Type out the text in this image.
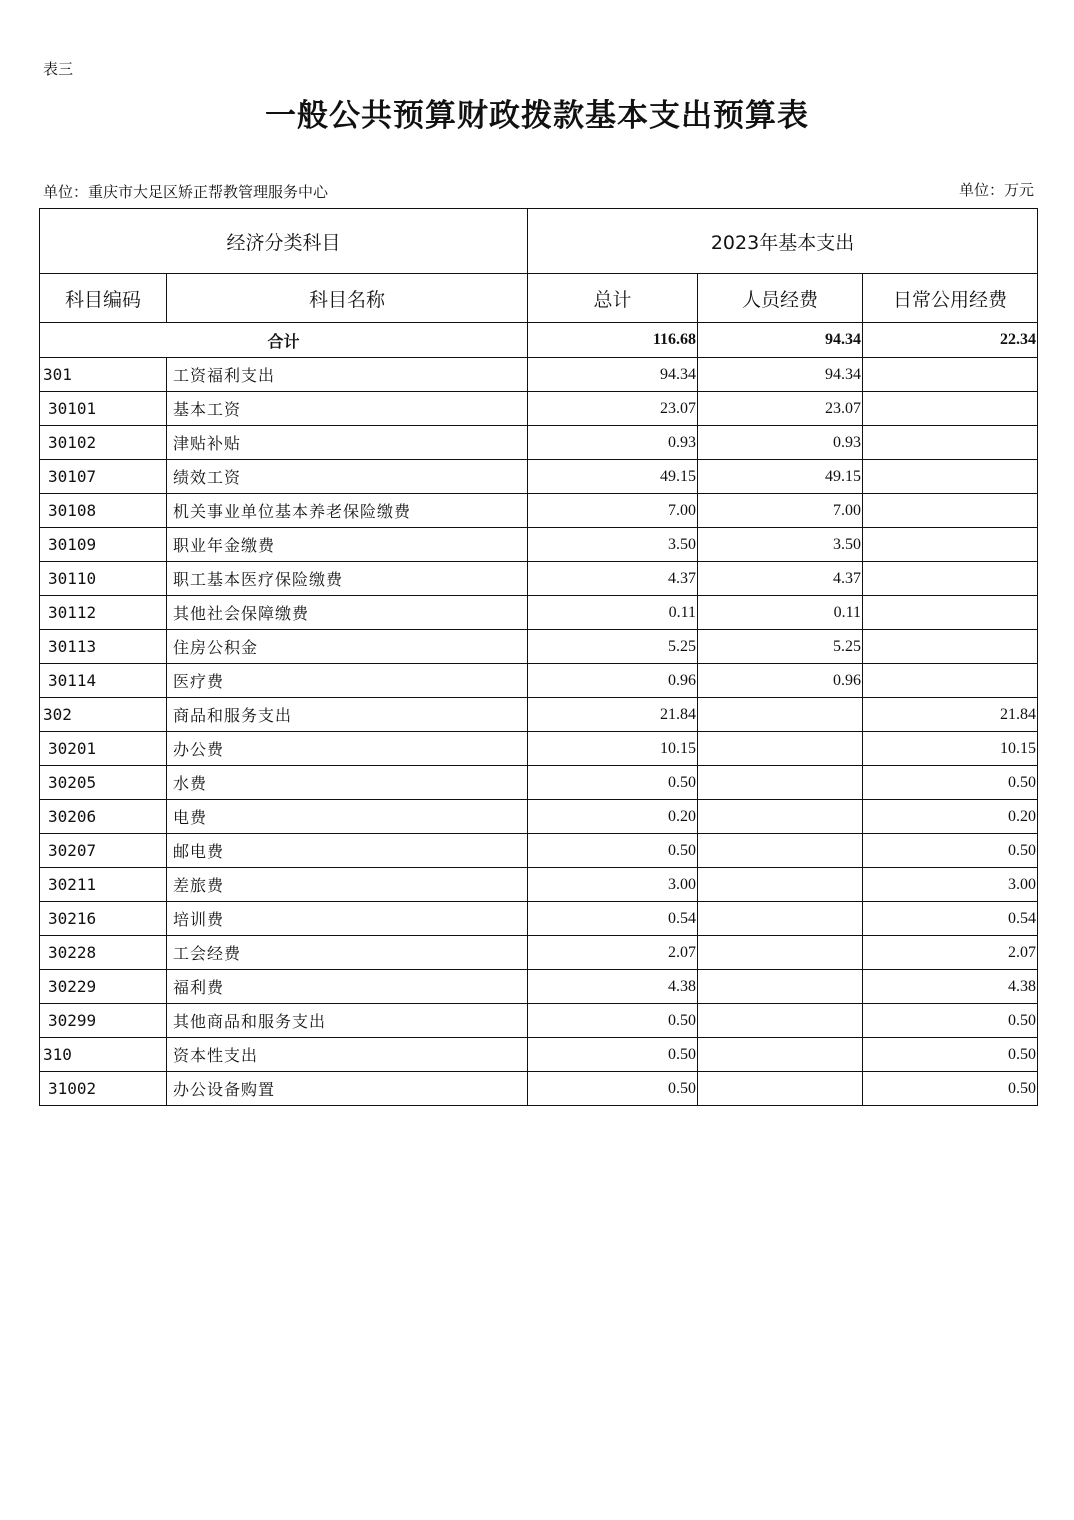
表三
一般公共预算财政拨款基本支出预算表
单位：重庆市大足区矫正帮教管理服务中心	单位：万元
经济分类科目		2023年基本支出		
科目编码	科目名称	总计	人员经费	日常公用经费
合计		116.68	94.34	22.34
301	工资福利支出	94.34	94.34	
30101	基本工资	23.07	23.07	
30102	津贴补贴	0.93	0.93	
30107	绩效工资	49.15	49.15	
30108	机关事业单位基本养老保险缴费	7.00	7.00	
30109	职业年金缴费	3.50	3.50	
30110	职工基本医疗保险缴费	4.37	4.37	
30112	其他社会保障缴费	0.11	0.11	
30113	住房公积金	5.25	5.25	
30114	医疗费	0.96	0.96	
302	商品和服务支出	21.84		21.84
30201	办公费	10.15		10.15
30205	水费	0.50		0.50
30206	电费	0.20		0.20
30207	邮电费	0.50		0.50
30211	差旅费	3.00		3.00
30216	培训费	0.54		0.54
30228	工会经费	2.07		2.07
30229	福利费	4.38		4.38
30299	其他商品和服务支出	0.50		0.50
310	资本性支出	0.50		0.50
31002	办公设备购置	0.50		0.50
